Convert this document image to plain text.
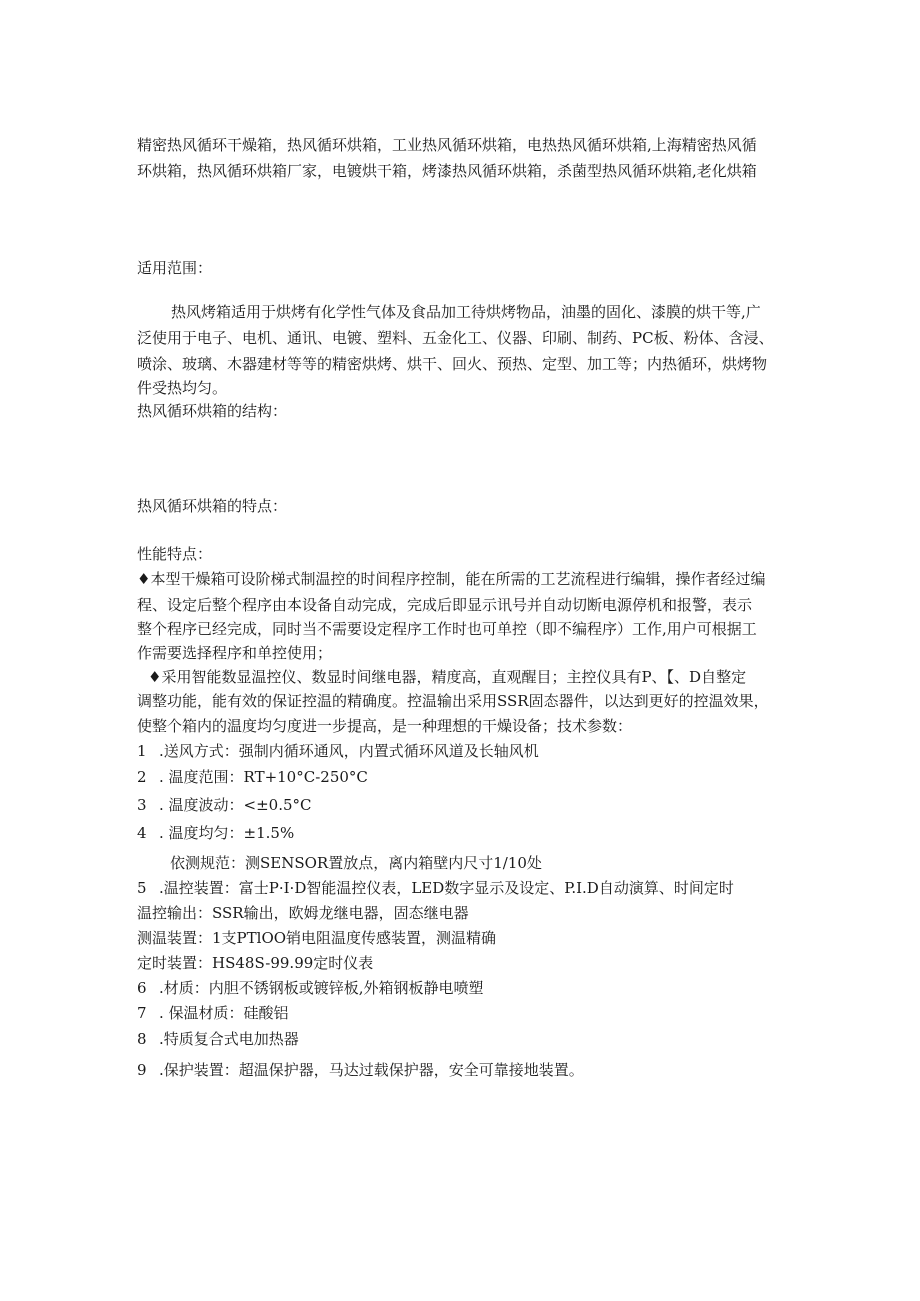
精密热风循环干燥箱，热风循环烘箱，工业热风循环烘箱，电热热风循环烘箱,上海精密热风循
环烘箱，热风循环烘箱厂家，电镀烘干箱，烤漆热风循环烘箱，杀菌型热风循环烘箱,老化烘箱
适用范围：
热风烤箱适用于烘烤有化学性气体及食品加工待烘烤物品，油墨的固化、漆膜的烘干等,广
泛使用于电子、电机、通讯、电镀、塑料、五金化工、仪器、印刷、制药、PC板、粉体、含浸、
喷涂、玻璃、木器建材等等的精密烘烤、烘干、回火、预热、定型、加工等；内热循环，烘烤物
件受热均匀。
热风循环烘箱的结构：
热风循环烘箱的特点：
性能特点：
♦本型干燥箱可设阶梯式制温控的时间程序控制，能在所需的工艺流程进行编辑，操作者经过编
程、设定后整个程序由本设备自动完成，完成后即显示讯号并自动切断电源停机和报警，表示
整个程序已经完成，同时当不需要设定程序工作时也可单控（即不编程序）工作,用户可根据工
作需要选择程序和单控使用；
♦采用智能数显温控仪、数显时间继电器，精度高，直观醒目；主控仪具有P、【、D自整定
调整功能，能有效的保证控温的精确度。控温输出采用SSR固态器件，以达到更好的控温效果，
使整个箱内的温度均匀度进一步提高，是一种理想的干燥设备；技术参数：
1 .送风方式：强制内循环通风，内置式循环风道及长轴风机
2 . 温度范围：RT+10°C-250°C
3 . 温度波动：<±0.5°C
4 . 温度均匀：±1.5%
依测规范：测SENSOR置放点，离内箱壁内尺寸1/10处
5 .温控装置：富士P·I·D智能温控仪表，LED数字显示及设定、P.I.D自动演算、时间定时
温控输出：SSR输出，欧姆龙继电器，固态继电器
测温装置：1支PTlOO销电阻温度传感装置，测温精确
定时装置：HS48S-99.99定时仪表
6 .材质：内胆不锈钢板或镀锌板,外箱钢板静电喷塑
7 . 保温材质：硅酸铝
8 .特质复合式电加热器
9 .保护装置：超温保护器，马达过载保护器，安全可靠接地装置。
